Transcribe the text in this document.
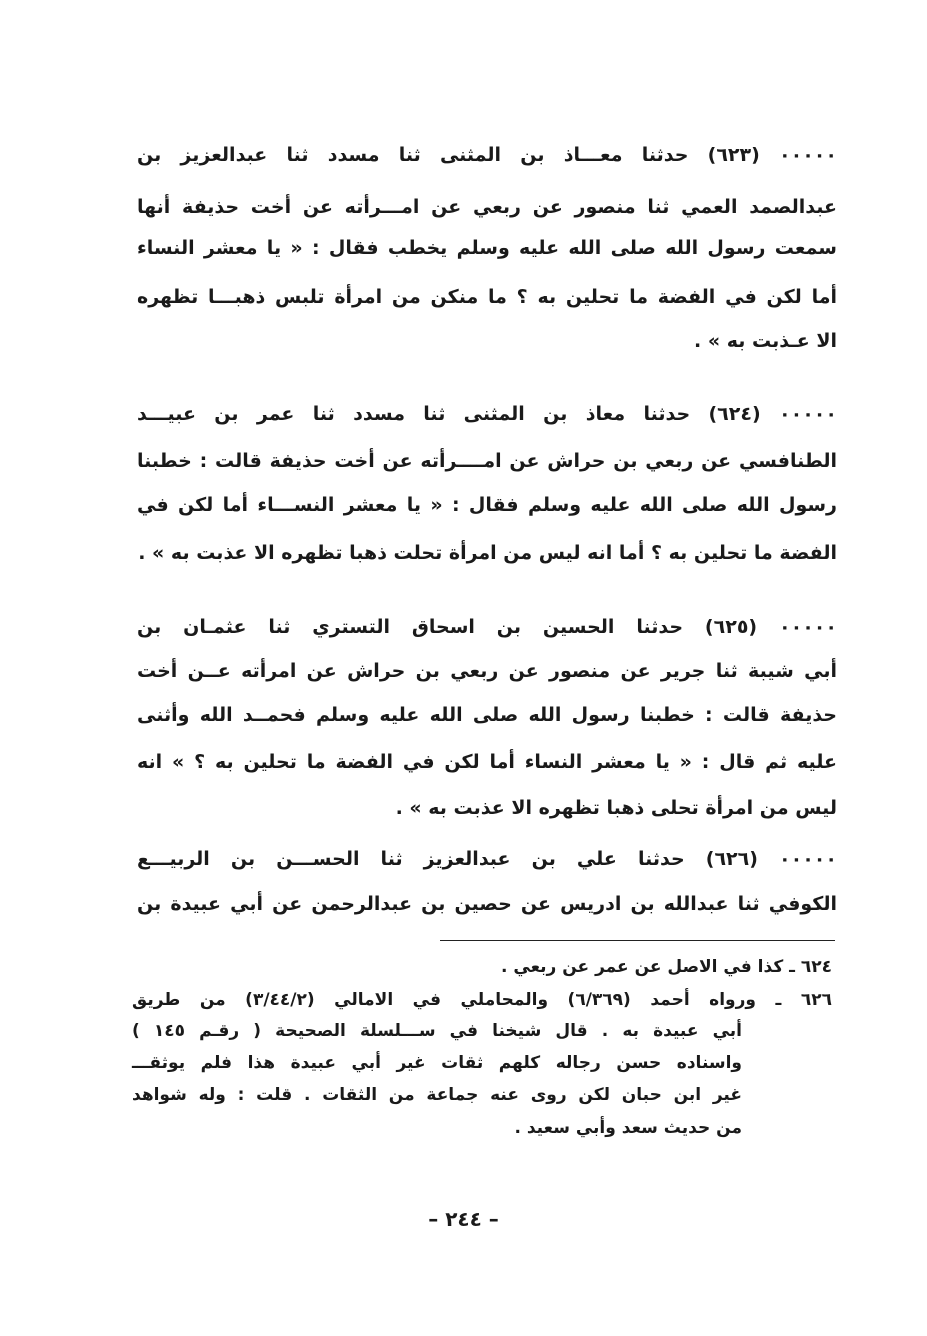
٠٠٠٠٠ (٦٢٣) حدثنا معـــاذ بن المثنى ثنا مسدد ثنا عبدالعزيز بن
عبدالصمد العمي ثنا منصور عن ربعي عن امـــرأته عن أخت حذيفة أنها
سمعت رسول الله صلى الله عليه وسلم يخطب فقال : « يا معشر النساء
أما لكن في الفضة ما تحلين به ؟ ما منكن من امرأة تلبس ذهبـــا تظهره
الا عـذبت به » .
٠٠٠٠٠ (٦٢٤) حدثنا معاذ بن المثنى ثنا مسدد ثنا عمر بن عبيـــد
الطنافسي عن ربعي بن حراش عن امــــرأته عن أخت حذيفة قالت : خطبنا
رسول الله صلى الله عليه وسلم فقال : « يا معشر النســـاء أما لكن في
الفضة ما تحلين به ؟ أما انه ليس من امرأة تحلت ذهبا تظهره الا عذبت به » .
٠٠٠٠٠ (٦٢٥) حدثنا الحسين بن اسحاق التستري ثنا عثمـان بن
أبي شيبة ثنا جرير عن منصور عن ربعي بن حراش عن امرأته عــن أخت
حذيفة قالت : خطبنا رسول الله صلى الله عليه وسلم فحمــد الله وأثنى
عليه ثم قال : « يا معشر النساء أما لكن في الفضة ما تحلين به ؟ » انه
ليس من امرأة تحلى ذهبا تظهره الا عذبت به » .
٠٠٠٠٠ (٦٢٦) حدثنا علي بن عبدالعزيز ثنا الحســـن بن الربيـــع
الكوفي ثنا عبدالله بن ادريس عن حصين بن عبدالرحمن عن أبي عبيدة بن
٦٢٤ ـ كذا في الاصل عن عمر عن ربعي .
٦٢٦ ـ ورواه أحمد (٦/٣٦٩) والمحاملي في الامالي (٣/٤٤/٢) من طريق
أبي عبيدة به . قال شيخنا في ســـلسلة الصحيحة ( رقـم ١٤٥ )
واسناده حسن رجاله كلهم ثقات غير أبي عبيدة هذا فلم يوثقـــ
غير ابن حبان لكن روى عنه جماعة من الثقات . قلت : وله شواهد
من حديث سعد وأبي سعيد .
– ٢٤٤ –
